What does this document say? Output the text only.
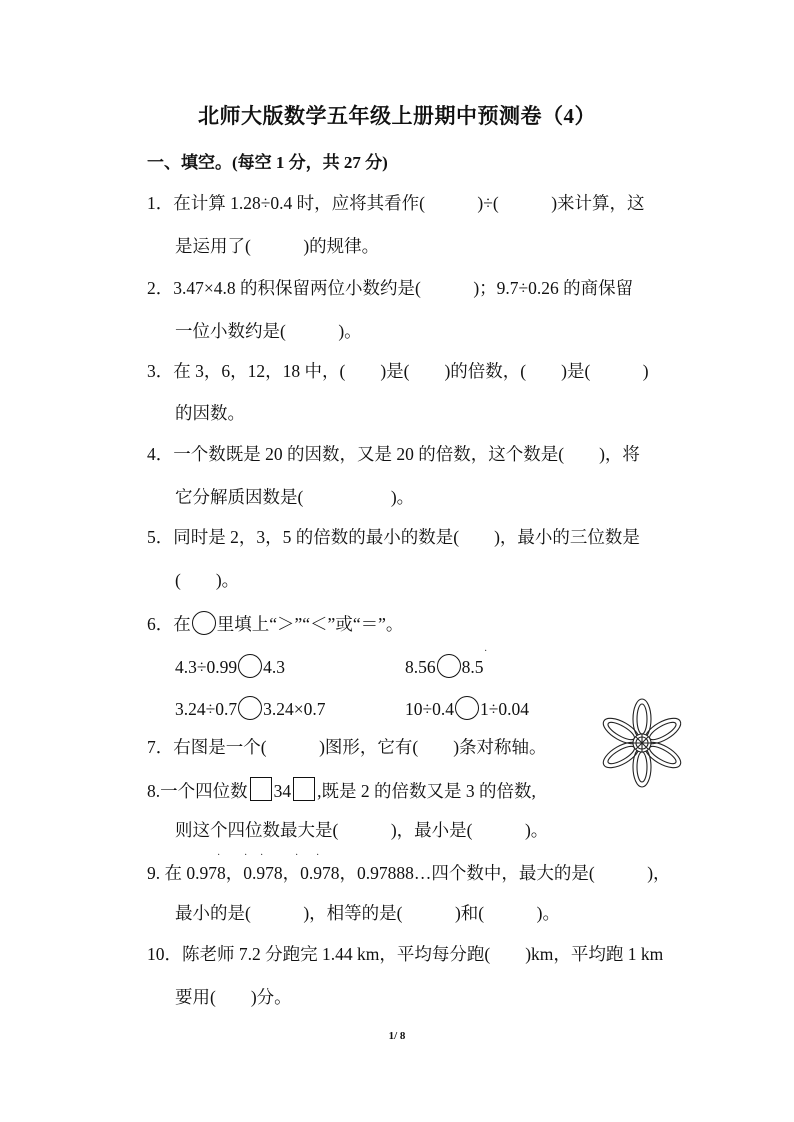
北师大版数学五年级上册期中预测卷（4）
一、填空。(每空 1 分，共 27 分)
1．在计算 1.28÷0.4 时，应将其看作(　　　)÷(　　　)来计算，这
是运用了(　　　)的规律。
2．3.47×4.8 的积保留两位小数约是(　　　)；9.7÷0.26 的商保留
一位小数约是(　　　)。
3．在 3，6，12，18 中，(　　)是(　　)的倍数，(　　)是(　　　)
的因数。
4．一个数既是 20 的因数，又是 20 的倍数，这个数是(　　)，将
它分解质因数是(　　　　　)。
5．同时是 2，3，5 的倍数的最小的数是(　　)，最小的三位数是
(　　)。
6．在 里填上“＞”“＜”或“＝”。
4.3÷0.99 4.3	8.56 8.5
·
3.24÷0.7 3.24×0.7	10÷0.4 1÷0.04
7．右图是一个(　　　)图形，它有(　　)条对称轴。
8.一个四位数 34 ,既是 2 的倍数又是 3 的倍数,
则这个四位数最大是(　　　)，最小是(　　　)。
· · ·	· ·
9. 在 0.978，0.978，0.978，0.97888…四个数中，最大的是(　　　)，
最小的是(　　　)，相等的是(　　　)和(　　　)。
10．陈老师 7.2 分跑完 1.44 km，平均每分跑(　　)km，平均跑 1 km
要用(　　)分。
1/ 8
